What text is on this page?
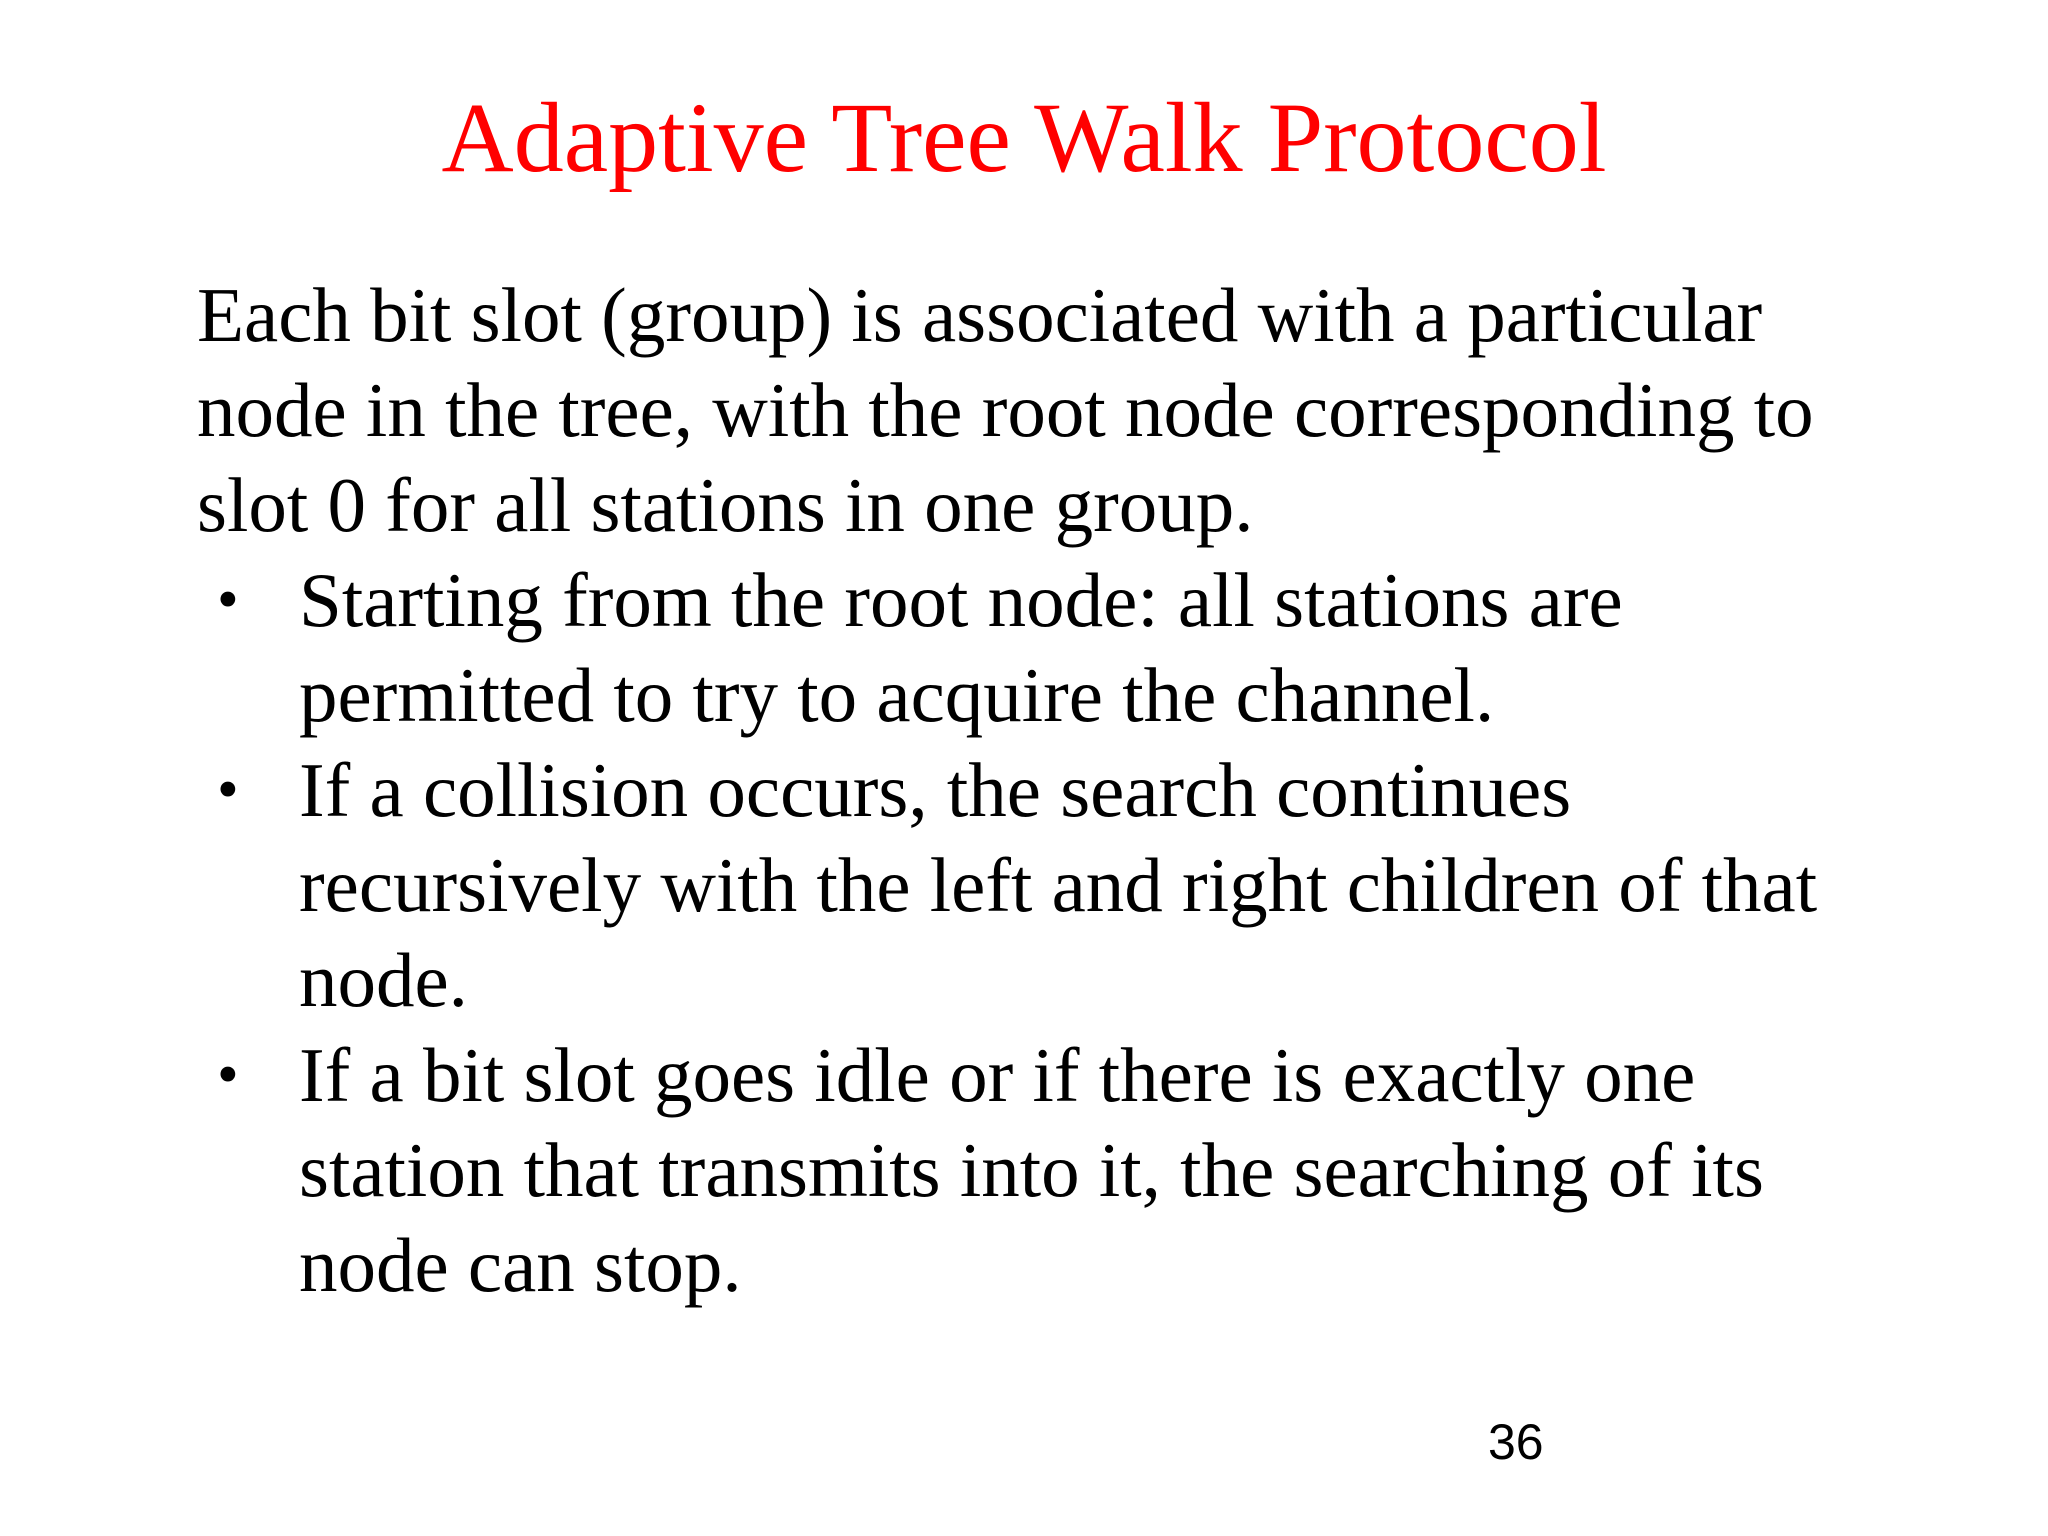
Adaptive Tree Walk Protocol

Each bit slot (group) is associated with a particular node in the tree, with the root node corresponding to slot 0 for all stations in one group.

• Starting from the root node: all stations are permitted to try to acquire the channel.
• If a collision occurs, the search continues recursively with the left and right children of that node.
• If a bit slot goes idle or if there is exactly one station that transmits into it, the searching of its node can stop.
36
